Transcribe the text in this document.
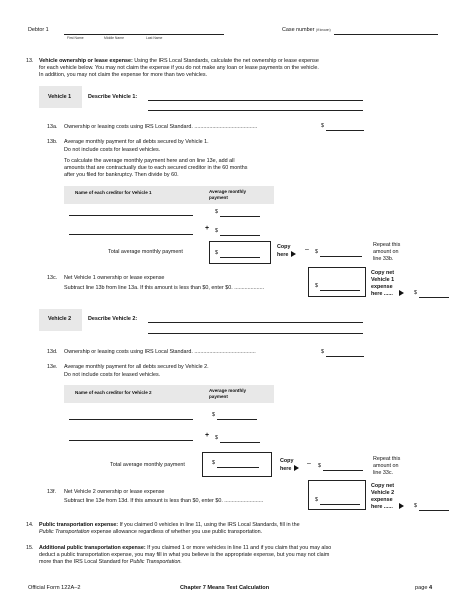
Debtor 1
First Name	Middle Name	Last Name
Case number (if known)
13. Vehicle ownership or lease expense: Using the IRS Local Standards, calculate the net ownership or lease expense
for each vehicle below. You may not claim the expense if you do not make any loan or lease payments on the vehicle.
In addition, you may not claim the expense for more than two vehicles.
Vehicle 1	Describe Vehicle 1:
13a. Ownership or leasing costs using IRS Local Standard. ..........................................	$
13b. Average monthly payment for all debts secured by Vehicle 1.
Do not include costs for leased vehicles.
To calculate the average monthly payment here and on line 13e, add all
amounts that are contractually due to each secured creditor in the 60 months
after you filed for bankruptcy. Then divide by 60.
Name of each creditor for Vehicle 1	Average monthly
payment
$
+ $
Total average monthly payment	$
Copy
here
– $
Repeat this
amount on
line 33b.
13c. Net Vehicle 1 ownership or lease expense
Subtract line 13b from line 13a. If this amount is less than $0, enter $0. ....................	$
Copy net
Vehicle 1
expense
here ......	$
Vehicle 2	Describe Vehicle 2:
13d. Ownership or leasing costs using IRS Local Standard. .........................................	$
13e. Average monthly payment for all debts secured by Vehicle 2.
Do not include costs for leased vehicles.
Name of each creditor for Vehicle 2	Average monthly
payment
$
+ $
Total average monthly payment	$	Copy
here
– $
Repeat this
amount on
line 33c.
13f. Net Vehicle 2 ownership or lease expense
Subtract line 13e from 13d. If this amount is less than $0, enter $0. ..........................	$
Copy net
Vehicle 2
expense
here ......	$
14. Public transportation expense: If you claimed 0 vehicles in line 11, using the IRS Local Standards, fill in the
Public Transportation expense allowance regardless of whether you use public transportation.
15. Additional public transportation expense: If you claimed 1 or more vehicles in line 11 and if you claim that you may also
deduct a public transportation expense, you may fill in what you believe is the appropriate expense, but you may not claim
more than the IRS Local Standard for Public Transportation.
Official Form 122A–2	Chapter 7 Means Test Calculation	page 4
